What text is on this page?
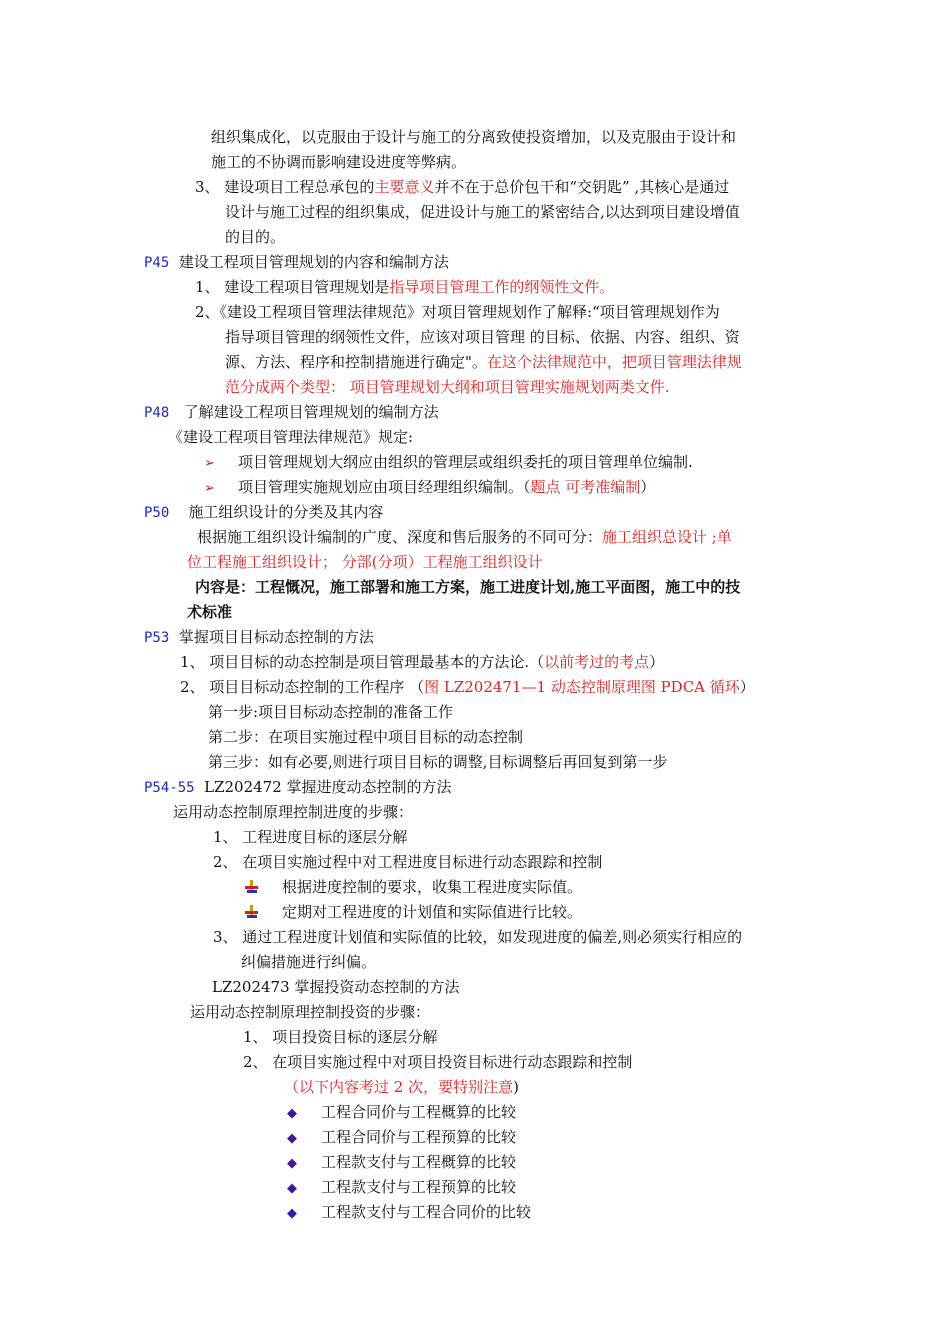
组织集成化，以克服由于设计与施工的分离致使投资增加，以及克服由于设计和
施工的不协调而影响建设进度等弊病。
3、 建设项目工程总承包的主要意义并不在于总价包干和“交钥匙” ,其核心是通过
设计与施工过程的组织集成，促进设计与施工的紧密结合,以达到项目建设增值
的目的。
P45 建设工程项目管理规划的内容和编制方法
1、 建设工程项目管理规划是指导项目管理工作的纲领性文件。
2、《建设工程项目管理法律规范》对项目管理规划作了解释:“项目管理规划作为
指导项目管理的纲领性文件，应该对项目管理 的目标、依据、内容、组织、资
源、方法、程序和控制措施进行确定"。在这个法律规范中，把项目管理法律规
范分成两个类型： 项目管理规划大纲和项目管理实施规划两类文件.
P48 了解建设工程项目管理规划的编制方法
《建设工程项目管理法律规范》规定:
➢ 项目管理规划大纲应由组织的管理层或组织委托的项目管理单位编制.
➢ 项目管理实施规划应由项目经理组织编制。（题点 可考准编制）
P50 施工组织设计的分类及其内容
根据施工组织设计编制的广度、深度和售后服务的不同可分：施工组织总设计 ;单
位工程施工组织设计； 分部(分项）工程施工组织设计
内容是：工程慨况，施工部署和施工方案，施工进度计划,施工平面图，施工中的技
术标准
P53 掌握项目目标动态控制的方法
1、 项目目标的动态控制是项目管理最基本的方法论.（以前考过的考点）
2、 项目目标动态控制的工作程序 （图 LZ202471—1 动态控制原理图 PDCA 循环）
第一步:项目目标动态控制的准备工作
第二步：在项目实施过程中项目目标的动态控制
第三步：如有必要,则进行项目目标的调整,目标调整后再回复到第一步
P54-55 LZ202472 掌握进度动态控制的方法
运用动态控制原理控制进度的步骤：
1、 工程进度目标的逐层分解
2、 在项目实施过程中对工程进度目标进行动态跟踪和控制
根据进度控制的要求，收集工程进度实际值。
定期对工程进度的计划值和实际值进行比较。
3、 通过工程进度计划值和实际值的比较，如发现进度的偏差,则必须实行相应的
纠偏措施进行纠偏。
LZ202473 掌握投资动态控制的方法
运用动态控制原理控制投资的步骤：
1、 项目投资目标的逐层分解
2、 在项目实施过程中对项目投资目标进行动态跟踪和控制
（以下内容考过 2 次，要特别注意)
◆ 工程合同价与工程概算的比较
◆ 工程合同价与工程预算的比较
◆ 工程款支付与工程概算的比较
◆ 工程款支付与工程预算的比较
◆ 工程款支付与工程合同价的比较
